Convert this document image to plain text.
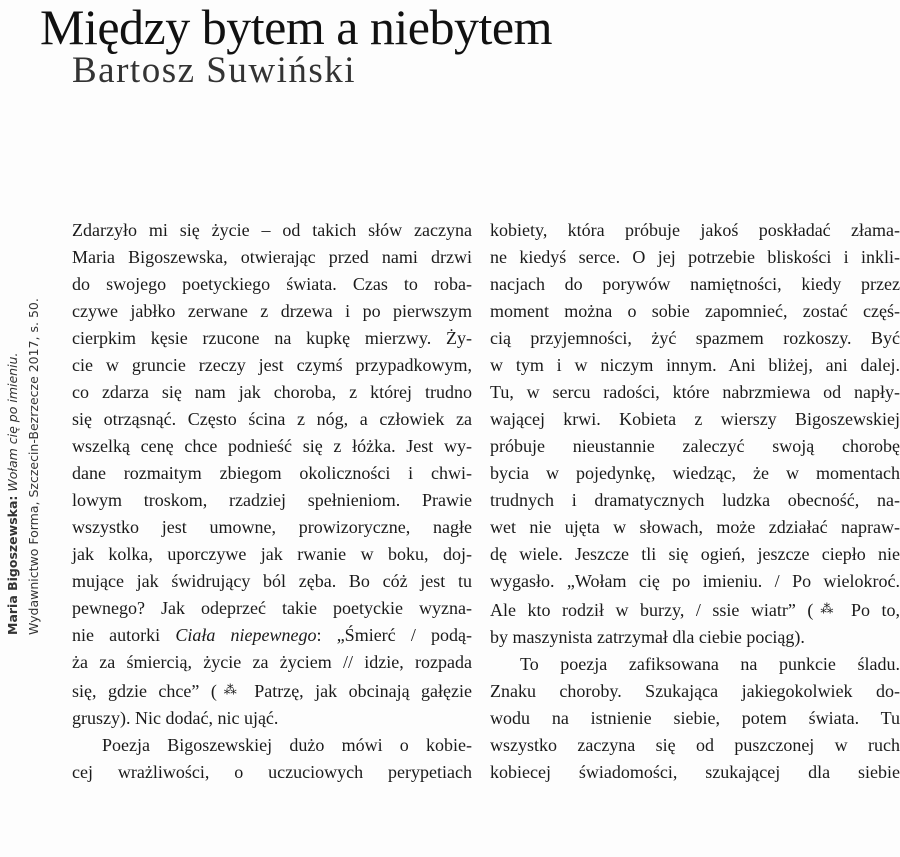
Między bytem a niebytem
Bartosz Suwiński
Maria Bigoszewska: Wołam cię po imieniu. Wydawnictwo Forma, Szczecin-Bezrzecze 2017, s. 50.
Zdarzyło mi się życie – od takich słów zaczyna
Maria Bigoszewska, otwierając przed nami drzwi
do swojego poetyckiego świata. Czas to roba-
czywe jabłko zerwane z drzewa i po pierwszym
cierpkim kęsie rzucone na kupkę mierzwy. Ży-
cie w gruncie rzeczy jest czymś przypadkowym,
co zdarza się nam jak choroba, z której trudno
się otrząsnąć. Często ścina z nóg, a człowiek za
wszelką cenę chce podnieść się z łóżka. Jest wy-
dane rozmaitym zbiegom okoliczności i chwi-
lowym troskom, rzadziej spełnieniom. Prawie
wszystko jest umowne, prowizoryczne, nagłe
jak kolka, uporczywe jak rwanie w boku, doj-
mujące jak świdrujący ból zęba. Bo cóż jest tu
pewnego? Jak odeprzeć takie poetyckie wyzna-
nie autorki Ciała niepewnego: „Śmierć / podą-
ża za śmiercią, życie za życiem // idzie, rozpada
się, gdzie chce” (⁂ Patrzę, jak obcinają gałęzie
gruszy). Nic dodać, nic ująć.
Poezja Bigoszewskiej dużo mówi o kobie-
cej wrażliwości, o uczuciowych perypetiach
kobiety, która próbuje jakoś poskładać złama-
ne kiedyś serce. O jej potrzebie bliskości i inkli-
nacjach do porywów namiętności, kiedy przez
moment można o sobie zapomnieć, zostać częś-
cią przyjemności, żyć spazmem rozkoszy. Być
w tym i w niczym innym. Ani bliżej, ani dalej.
Tu, w sercu radości, które nabrzmiewa od napły-
wającej krwi. Kobieta z wierszy Bigoszewskiej
próbuje nieustannie zaleczyć swoją chorobę
bycia w pojedynkę, wiedząc, że w momentach
trudnych i dramatycznych ludzka obecność, na-
wet nie ujęta w słowach, może zdziałać napraw-
dę wiele. Jeszcze tli się ogień, jeszcze ciepło nie
wygasło. „Wołam cię po imieniu. / Po wielokroć.
Ale kto rodził w burzy, / ssie wiatr” (⁂ Po to,
by maszynista zatrzymał dla ciebie pociąg).
To poezja zafiksowana na punkcie śladu.
Znaku choroby. Szukająca jakiegokolwiek do-
wodu na istnienie siebie, potem świata. Tu
wszystko zaczyna się od puszczonej w ruch
kobiecej świadomości, szukającej dla siebie
